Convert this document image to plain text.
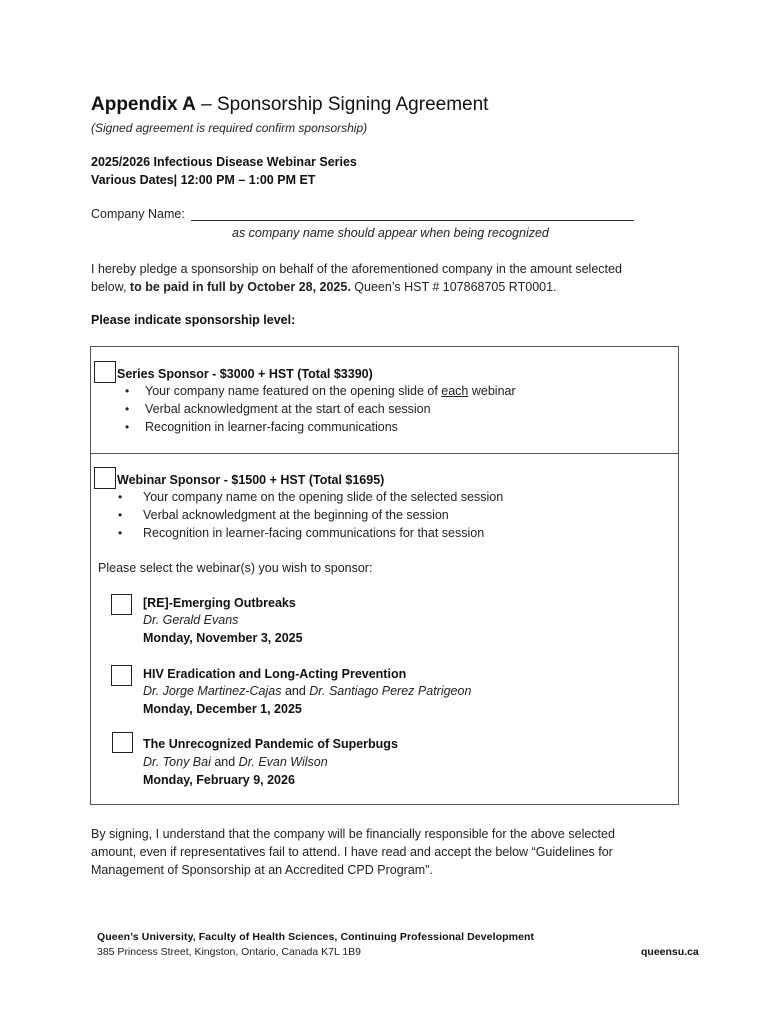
Appendix A – Sponsorship Signing Agreement
(Signed agreement is required confirm sponsorship)
2025/2026 Infectious Disease Webinar Series
Various Dates| 12:00 PM – 1:00 PM ET
Company Name:
as company name should appear when being recognized
I hereby pledge a sponsorship on behalf of the aforementioned company in the amount selected
below, to be paid in full by October 28, 2025. Queen’s HST # 107868705 RT0001.
Please indicate sponsorship level:
Series Sponsor - $3000 + HST (Total $3390)
• Your company name featured on the opening slide of each webinar
• Verbal acknowledgment at the start of each session
• Recognition in learner-facing communications
Webinar Sponsor - $1500 + HST (Total $1695)
• Your company name on the opening slide of the selected session
• Verbal acknowledgment at the beginning of the session
• Recognition in learner-facing communications for that session
Please select the webinar(s) you wish to sponsor:
[RE]-Emerging Outbreaks
Dr. Gerald Evans
Monday, November 3, 2025
HIV Eradication and Long-Acting Prevention
Dr. Jorge Martinez-Cajas and Dr. Santiago Perez Patrigeon
Monday, December 1, 2025
The Unrecognized Pandemic of Superbugs
Dr. Tony Bai and Dr. Evan Wilson
Monday, February 9, 2026
By signing, I understand that the company will be financially responsible for the above selected
amount, even if representatives fail to attend. I have read and accept the below “Guidelines for
Management of Sponsorship at an Accredited CPD Program”.
Queen’s University, Faculty of Health Sciences, Continuing Professional Development
385 Princess Street, Kingston, Ontario, Canada K7L 1B9	queensu.ca
